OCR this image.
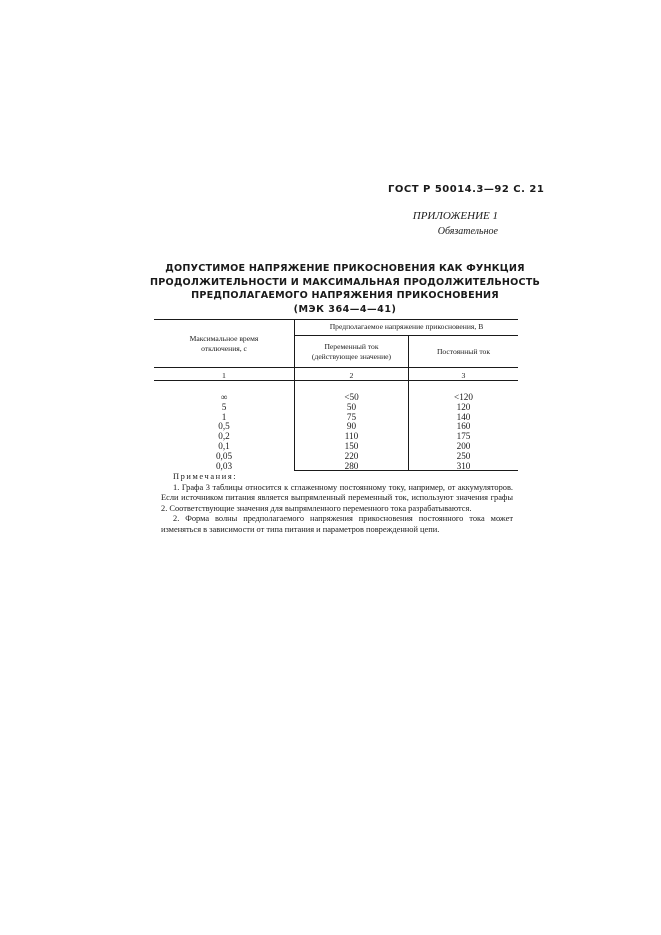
ГОСТ Р 50014.3—92 С. 21
ПРИЛОЖЕНИЕ 1
Обязательное
ДОПУСТИМОЕ НАПРЯЖЕНИЕ ПРИКОСНОВЕНИЯ КАК ФУНКЦИЯ
ПРОДОЛЖИТЕЛЬНОСТИ И МАКСИМАЛЬНАЯ ПРОДОЛЖИТЕЛЬНОСТЬ
ПРЕДПОЛАГАЕМОГО НАПРЯЖЕНИЯ ПРИКОСНОВЕНИЯ
(МЭК 364—4—41)
Максимальное время
отключения, с
Предполагаемое напряжение прикосновения, В
Переменный ток
(действующее значение)
Постоянный ток
1	2	3
∞
5
1
0,5
0,2
0,1
0,05
0,03
<50
50
75
90
110
150
220
280
<120
120
140
160
175
200
250
310

Примечания:

1. Графа 3 таблицы относится к сглаженному постоянному току, например, от аккумуляторов. Если источником питания является выпрямленный переменный ток, используют значения графы 2. Соответствующие значения для выпрямленного переменного тока разрабатываются.

2. Форма волны предполагаемого напряжения прикосновения постоянного тока может изменяться в зависимости от типа питания и параметров поврежденной цепи.
